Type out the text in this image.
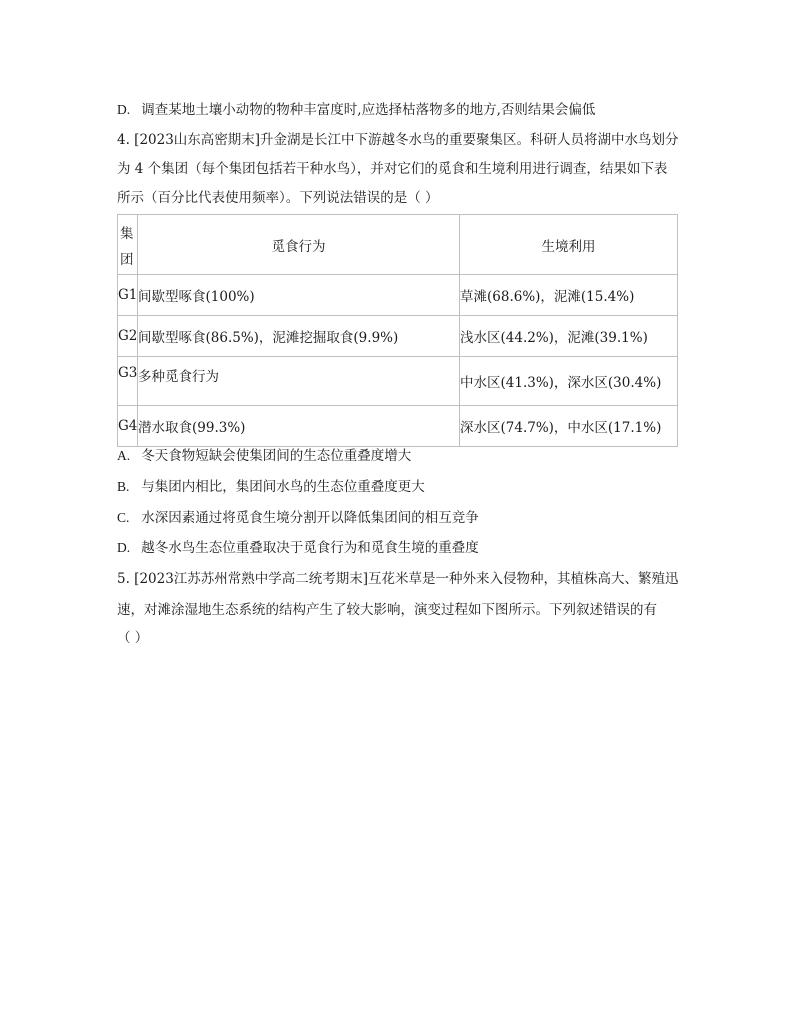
D. 调查某地土壤小动物的物种丰富度时,应选择枯落物多的地方,否则结果会偏低
4. [2023山东高密期末]升金湖是长江中下游越冬水鸟的重要聚集区。科研人员将湖中水鸟划分
为 4 个集团（每个集团包括若干种水鸟），并对它们的觅食和生境利用进行调查，结果如下表
所示（百分比代表使用频率）。下列说法错误的是（ ）
集团	觅食行为	生境利用
G1	间歇型啄食(100%)	草滩(68.6%)，泥滩(15.4%)
G2	间歇型啄食(86.5%)，泥滩挖掘取食(9.9%)	浅水区(44.2%)，泥滩(39.1%)
G3	多种觅食行为	中水区(41.3%)，深水区(30.4%)
G4	潜水取食(99.3%)	深水区(74.7%)，中水区(17.1%)
A. 冬天食物短缺会使集团间的生态位重叠度增大
B. 与集团内相比，集团间水鸟的生态位重叠度更大
C. 水深因素通过将觅食生境分割开以降低集团间的相互竞争
D. 越冬水鸟生态位重叠取决于觅食行为和觅食生境的重叠度
5. [2023江苏苏州常熟中学高二统考期末]互花米草是一种外来入侵物种，其植株高大、繁殖迅
速，对滩涂湿地生态系统的结构产生了较大影响，演变过程如下图所示。下列叙述错误的有
（ ）
